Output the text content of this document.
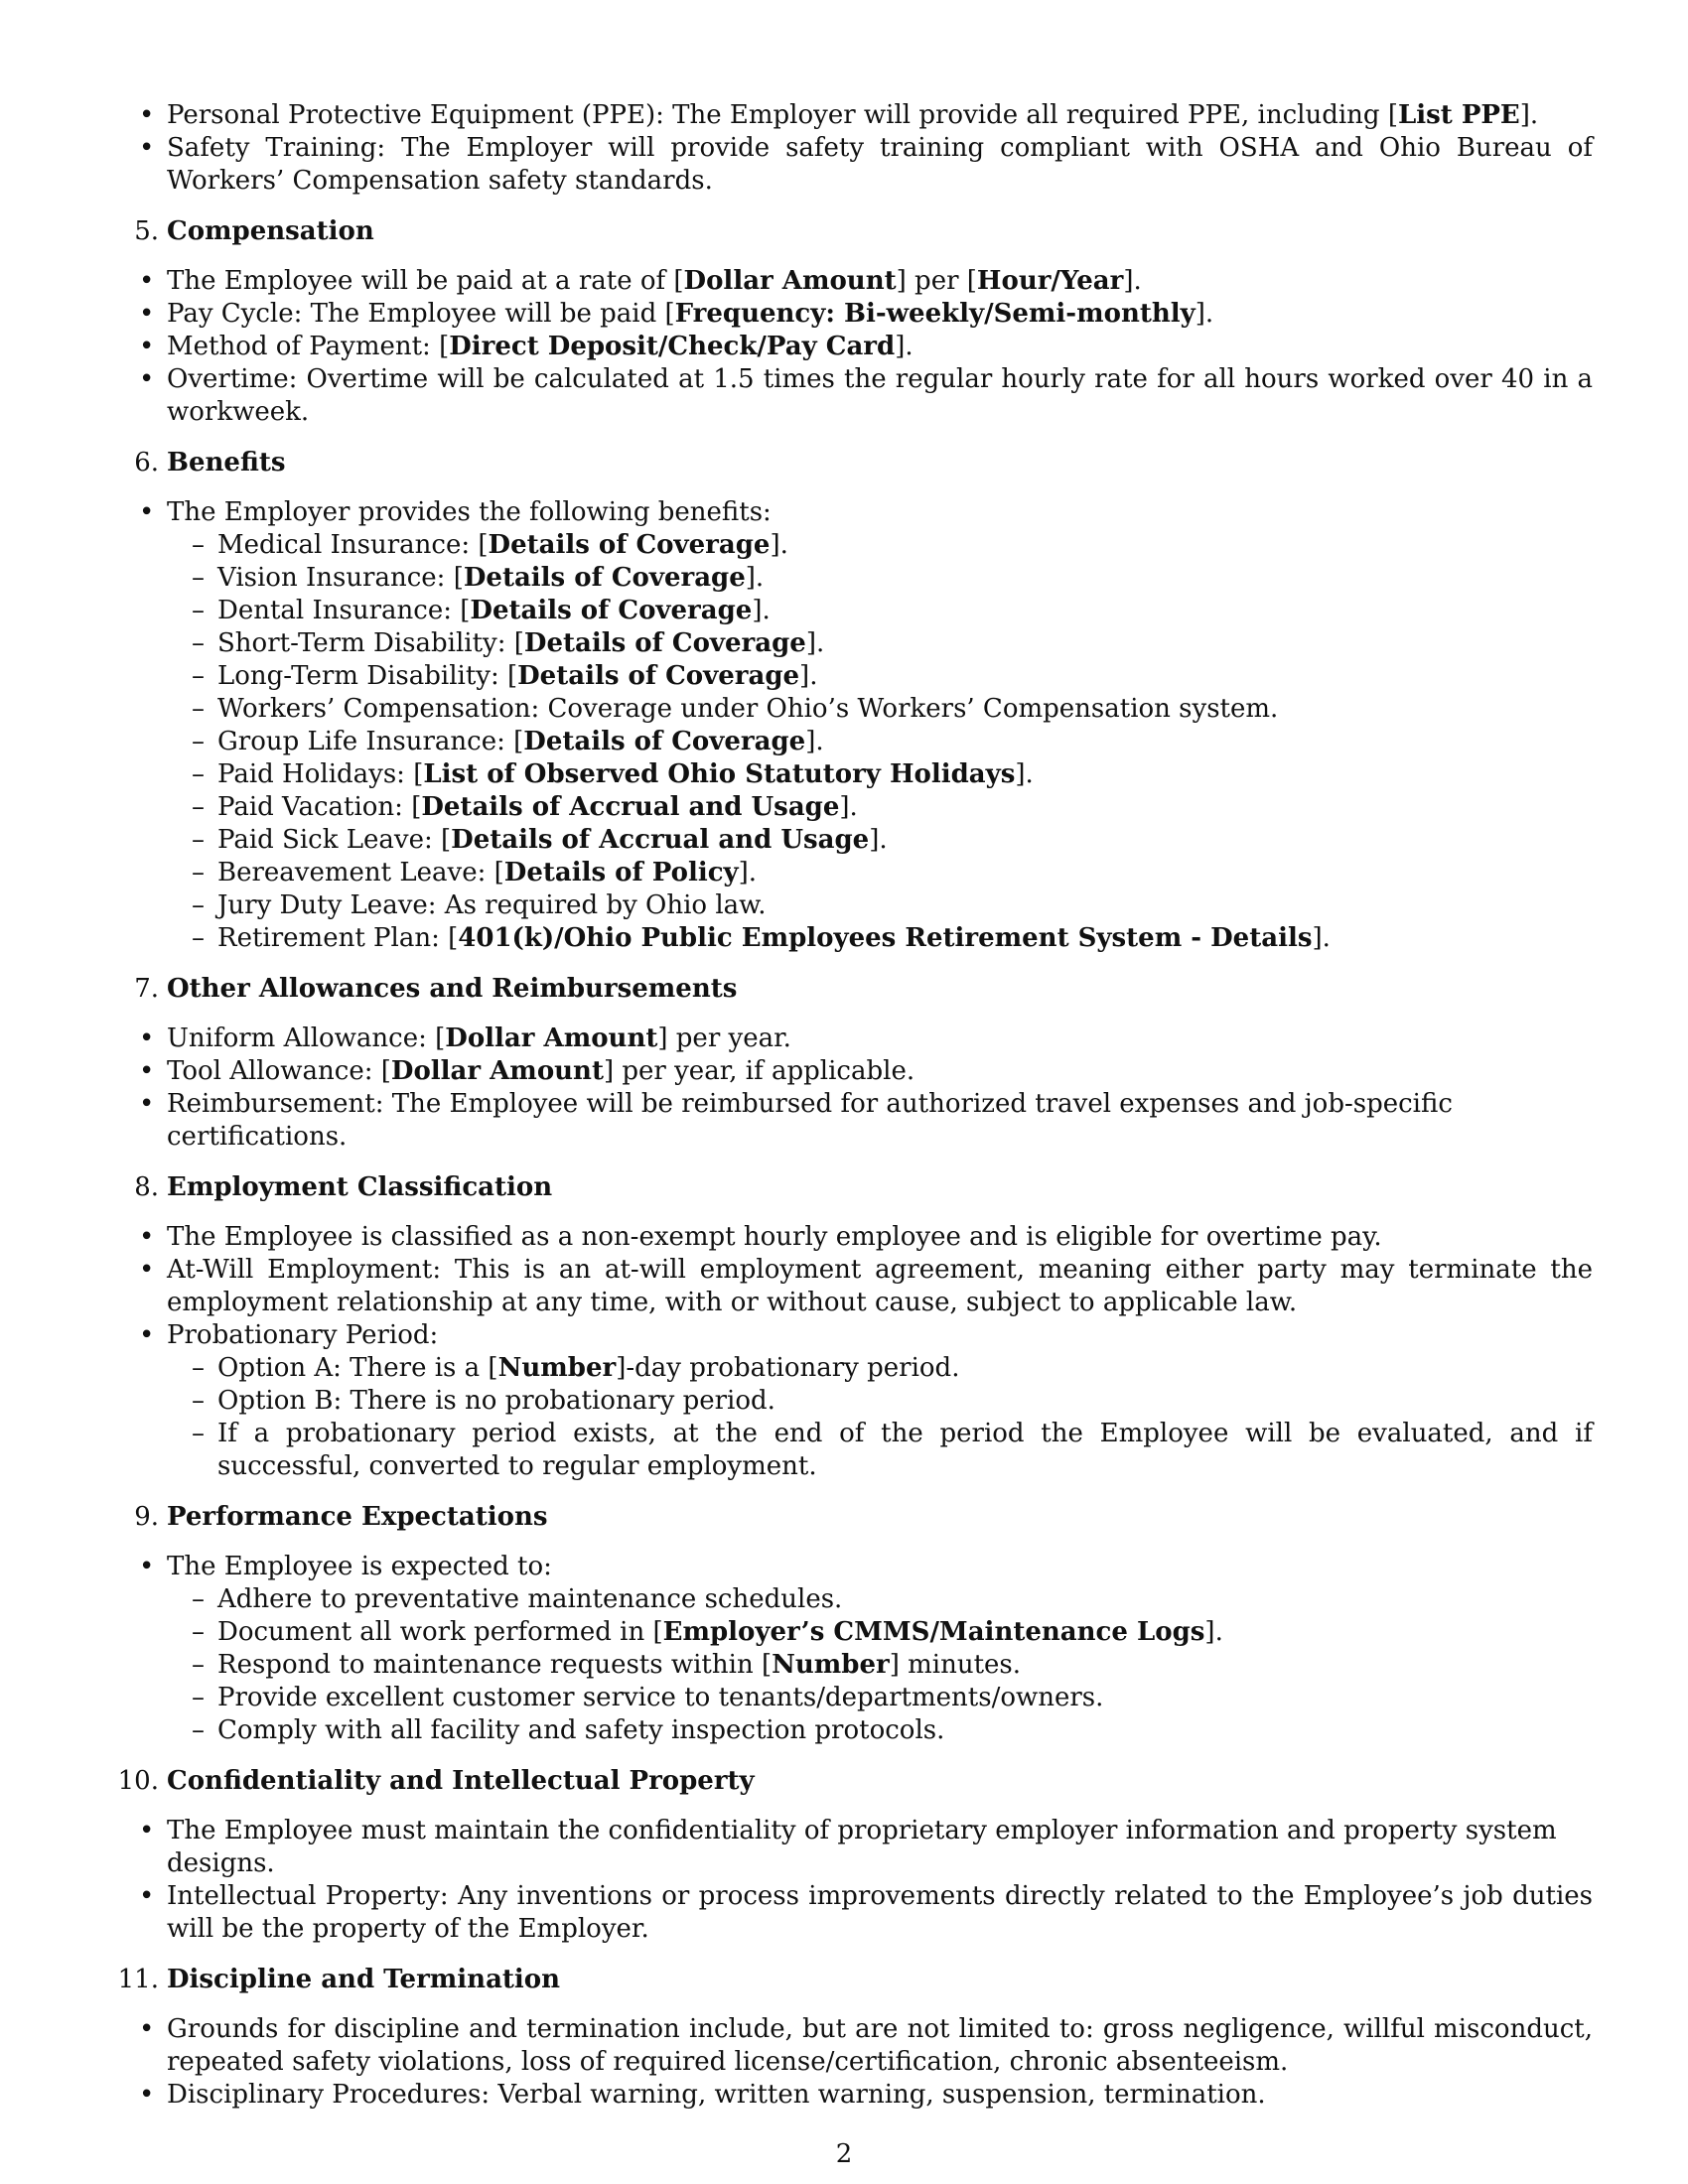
• Personal Protective Equipment (PPE): The Employer will provide all required PPE, including [List PPE].
• Safety Training: The Employer will provide safety training compliant with OSHA and Ohio Bureau of Workers’ Compensation safety standards.
5. Compensation
• The Employee will be paid at a rate of [Dollar Amount] per [Hour/Year].
• Pay Cycle: The Employee will be paid [Frequency: Bi-weekly/Semi-monthly].
• Method of Payment: [Direct Deposit/Check/Pay Card].
• Overtime: Overtime will be calculated at 1.5 times the regular hourly rate for all hours worked over 40 in a workweek.
6. Benefits
• The Employer provides the following benefits:
– Medical Insurance: [Details of Coverage].
– Vision Insurance: [Details of Coverage].
– Dental Insurance: [Details of Coverage].
– Short-Term Disability: [Details of Coverage].
– Long-Term Disability: [Details of Coverage].
– Workers’ Compensation: Coverage under Ohio’s Workers’ Compensation system.
– Group Life Insurance: [Details of Coverage].
– Paid Holidays: [List of Observed Ohio Statutory Holidays].
– Paid Vacation: [Details of Accrual and Usage].
– Paid Sick Leave: [Details of Accrual and Usage].
– Bereavement Leave: [Details of Policy].
– Jury Duty Leave: As required by Ohio law.
– Retirement Plan: [401(k)/Ohio Public Employees Retirement System - Details].
7. Other Allowances and Reimbursements
• Uniform Allowance: [Dollar Amount] per year.
• Tool Allowance: [Dollar Amount] per year, if applicable.
• Reimbursement: The Employee will be reimbursed for authorized travel expenses and job-specific certifications.
8. Employment Classification
• The Employee is classified as a non-exempt hourly employee and is eligible for overtime pay.
• At-Will Employment: This is an at-will employment agreement, meaning either party may terminate the employment relationship at any time, with or without cause, subject to applicable law.
• Probationary Period:
– Option A: There is a [Number]-day probationary period.
– Option B: There is no probationary period.
– If a probationary period exists, at the end of the period the Employee will be evaluated, and if successful, converted to regular employment.
9. Performance Expectations
• The Employee is expected to:
– Adhere to preventative maintenance schedules.
– Document all work performed in [Employer’s CMMS/Maintenance Logs].
– Respond to maintenance requests within [Number] minutes.
– Provide excellent customer service to tenants/departments/owners.
– Comply with all facility and safety inspection protocols.
10. Confidentiality and Intellectual Property
• The Employee must maintain the confidentiality of proprietary employer information and property system designs.
• Intellectual Property: Any inventions or process improvements directly related to the Employee’s job duties will be the property of the Employer.
11. Discipline and Termination
• Grounds for discipline and termination include, but are not limited to: gross negligence, willful misconduct, repeated safety violations, loss of required license/certification, chronic absenteeism.
• Disciplinary Procedures: Verbal warning, written warning, suspension, termination.
2
